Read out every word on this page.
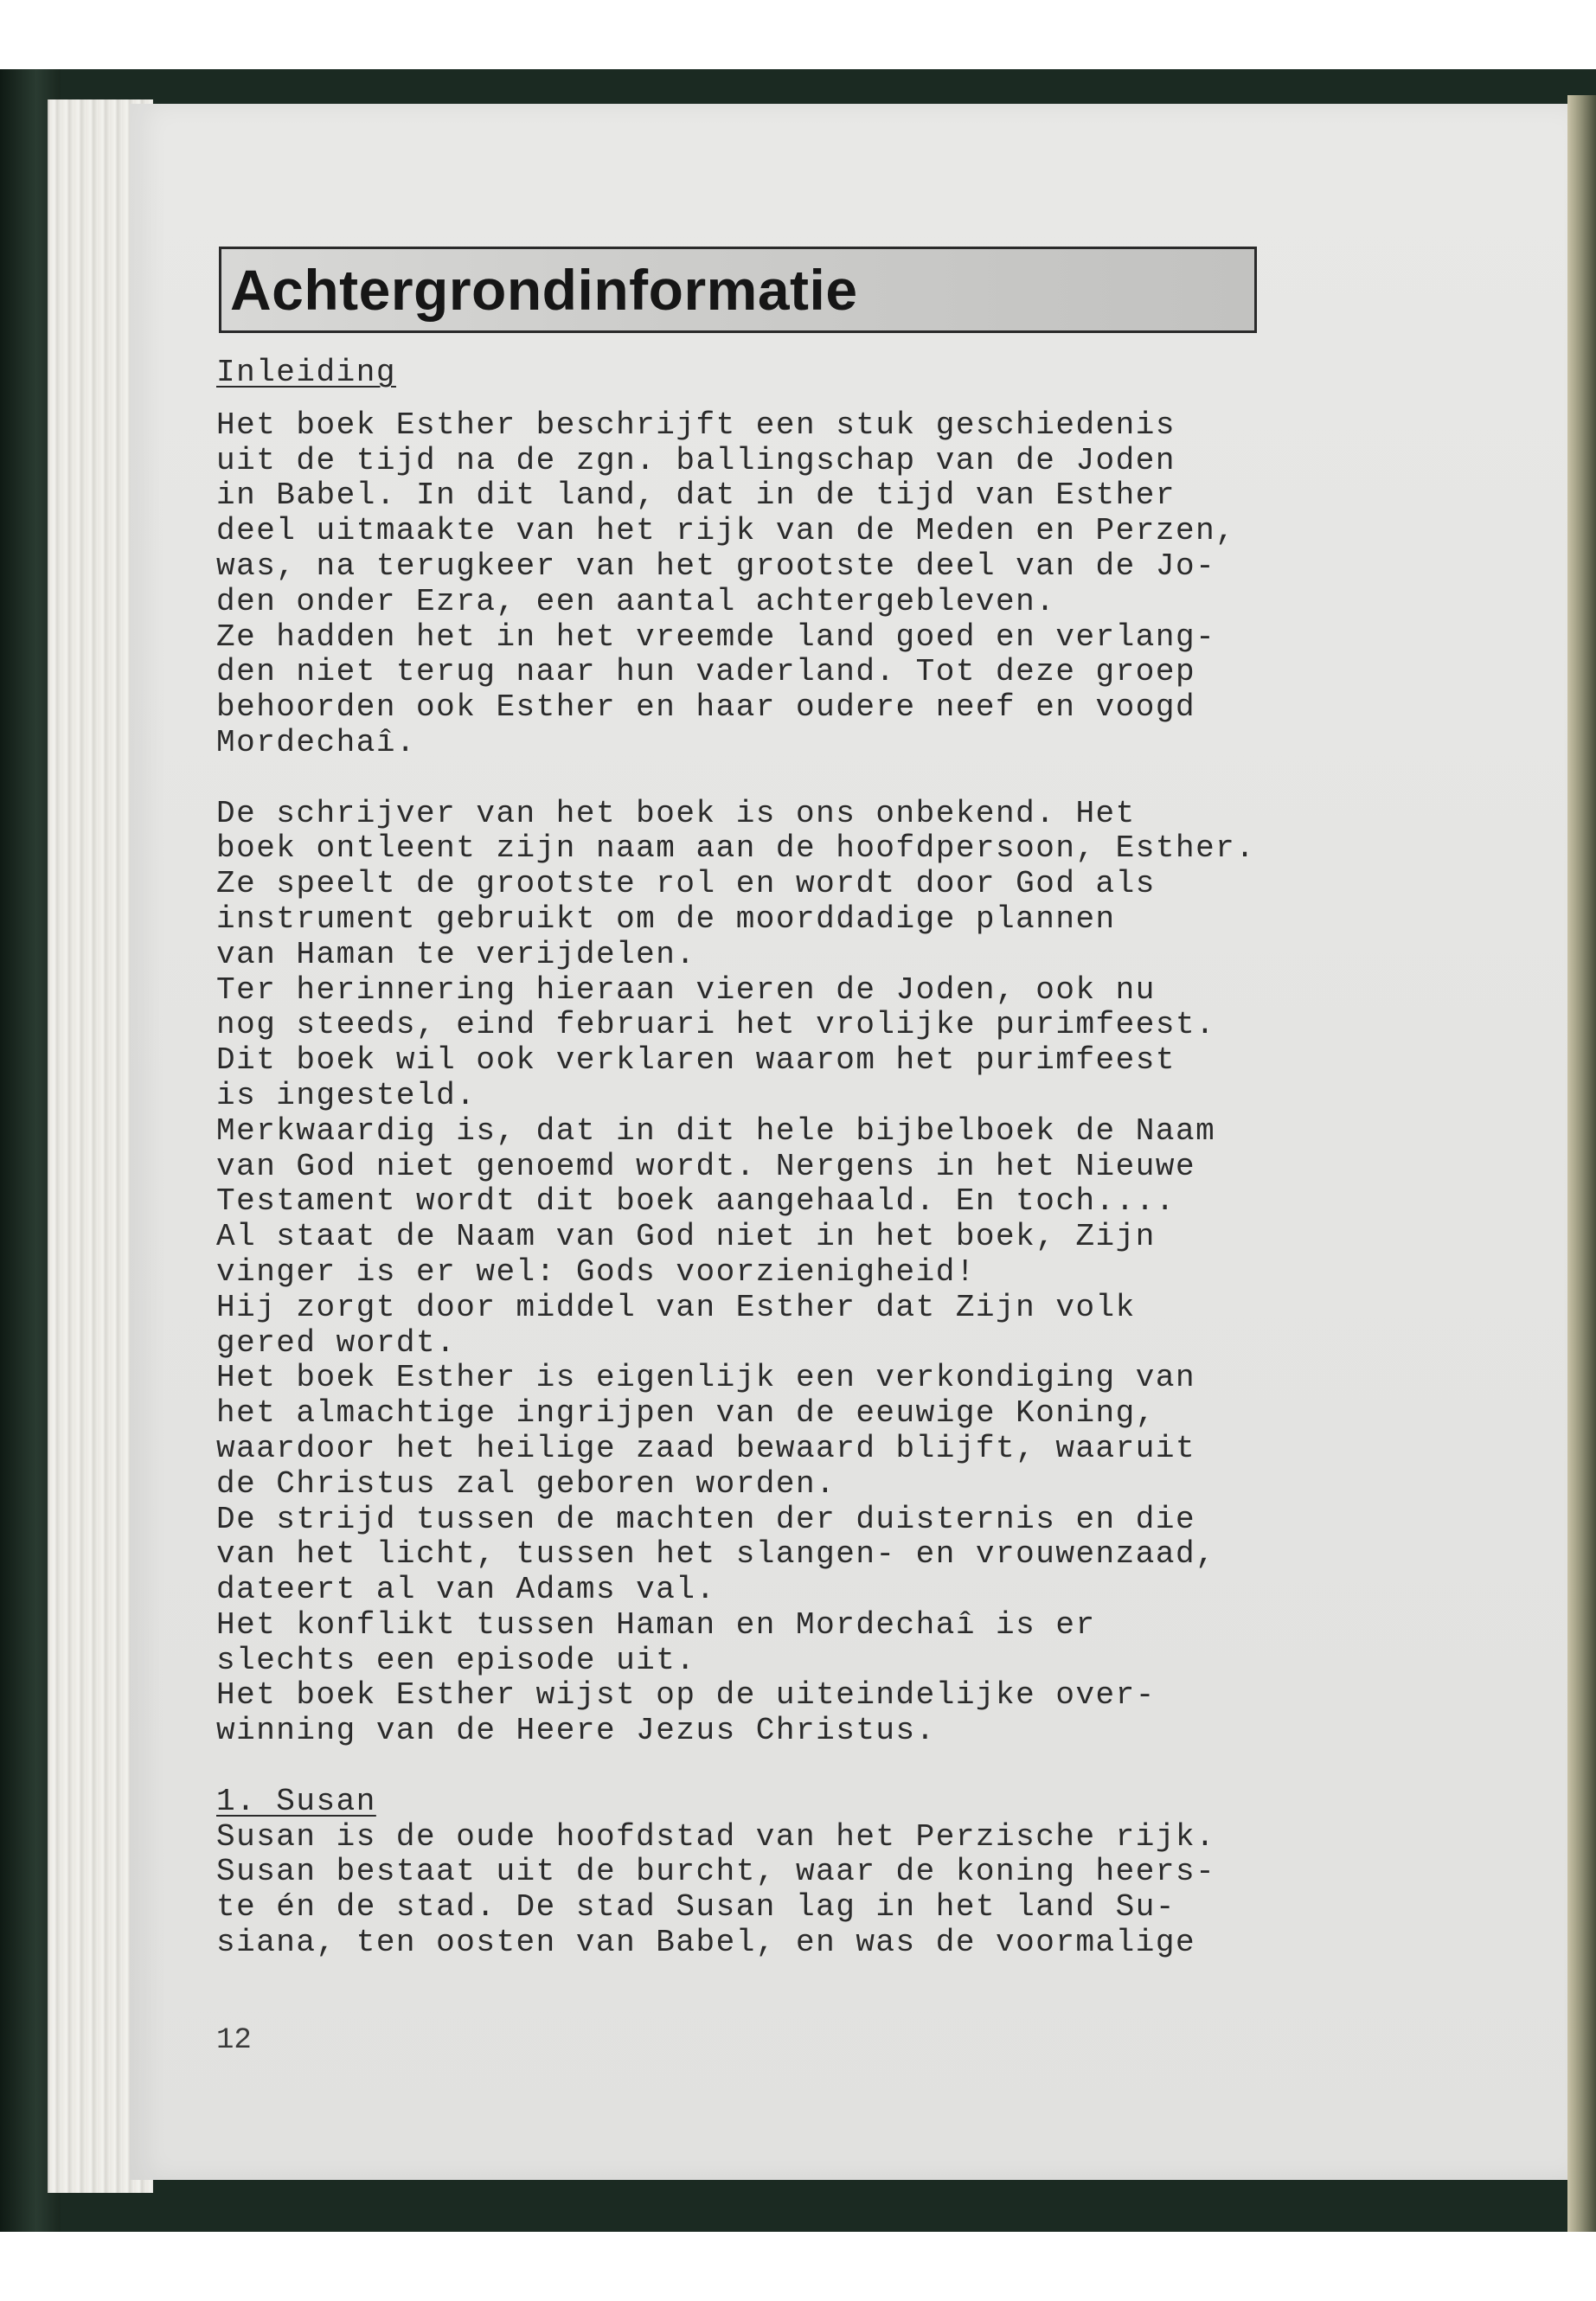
Achtergrondinformatie
Inleiding
Het boek Esther beschrijft een stuk geschiedenis
uit de tijd na de zgn. ballingschap van de Joden
in Babel. In dit land, dat in de tijd van Esther
deel uitmaakte van het rijk van de Meden en Perzen,
was, na terugkeer van het grootste deel van de Jo-
den onder Ezra, een aantal achtergebleven.
Ze hadden het in het vreemde land goed en verlang-
den niet terug naar hun vaderland. Tot deze groep
behoorden ook Esther en haar oudere neef en voogd
Mordechaî.
De schrijver van het boek is ons onbekend. Het
boek ontleent zijn naam aan de hoofdpersoon, Esther.
Ze speelt de grootste rol en wordt door God als
instrument gebruikt om de moorddadige plannen
van Haman te verijdelen.
Ter herinnering hieraan vieren de Joden, ook nu
nog steeds, eind februari het vrolijke purimfeest.
Dit boek wil ook verklaren waarom het purimfeest
is ingesteld.
Merkwaardig is, dat in dit hele bijbelboek de Naam
van God niet genoemd wordt. Nergens in het Nieuwe
Testament wordt dit boek aangehaald. En toch....
Al staat de Naam van God niet in het boek, Zijn
vinger is er wel: Gods voorzienigheid!
Hij zorgt door middel van Esther dat Zijn volk
gered wordt.
Het boek Esther is eigenlijk een verkondiging van
het almachtige ingrijpen van de eeuwige Koning,
waardoor het heilige zaad bewaard blijft, waaruit
de Christus zal geboren worden.
De strijd tussen de machten der duisternis en die
van het licht, tussen het slangen- en vrouwenzaad,
dateert al van Adams val.
Het konflikt tussen Haman en Mordechaî is er
slechts een episode uit.
Het boek Esther wijst op de uiteindelijke over-
winning van de Heere Jezus Christus.
1. Susan
Susan is de oude hoofdstad van het Perzische rijk.
Susan bestaat uit de burcht, waar de koning heers-
te én de stad. De stad Susan lag in het land Su-
siana, ten oosten van Babel, en was de voormalige
12
